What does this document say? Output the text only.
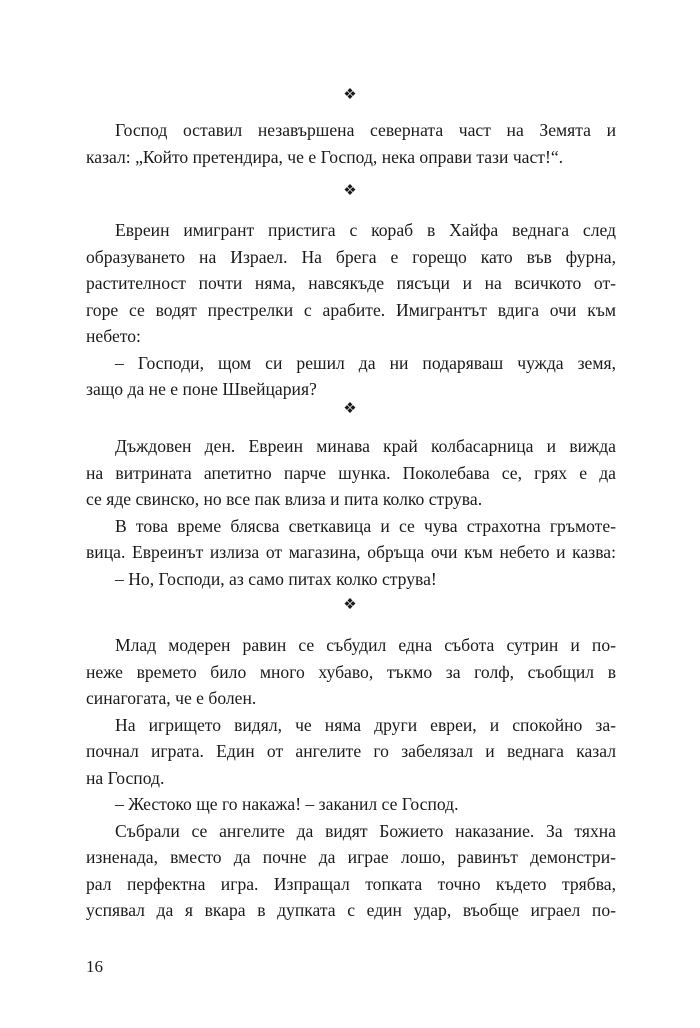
❖
Господ оставил незавършена северната част на Земята и
казал: „Който претендира, че е Господ, нека оправи тази част!“.
❖
Евреин имигрант пристига с кораб в Хайфа веднага след
образуването на Израел. На брега е горещо като във фурна,
растителност почти няма, навсякъде пясъци и на всичкото от-
горе се водят престрелки с арабите. Имигрантът вдига очи към
небето:
– Господи, щом си решил да ни подаряваш чужда земя,
защо да не е поне Швейцария?
❖
Дъждовен ден. Евреин минава край колбасарница и вижда
на витрината апетитно парче шунка. Поколебава се, грях е да
се яде свинско, но все пак влиза и пита колко струва.
В това време блясва светкавица и се чува страхотна гръмоте-
вица. Евреинът излиза от магазина, обръща очи към небето и казва:
– Но, Господи, аз само питах колко струва!
❖
Млад модерен равин се събудил една събота сутрин и по-
неже времето било много хубаво, тъкмо за голф, съобщил в
синагогата, че е болен.
На игрището видял, че няма други евреи, и спокойно за-
почнал играта. Един от ангелите го забелязал и веднага казал
на Господ.
– Жестоко ще го накажа! – заканил се Господ.
Събрали се ангелите да видят Божието наказание. За тяхна
изненада, вместо да почне да играе лошо, равинът демонстри-
рал перфектна игра. Изпращал топката точно където трябва,
успявал да я вкара в дупката с един удар, въобще играел по-
16
